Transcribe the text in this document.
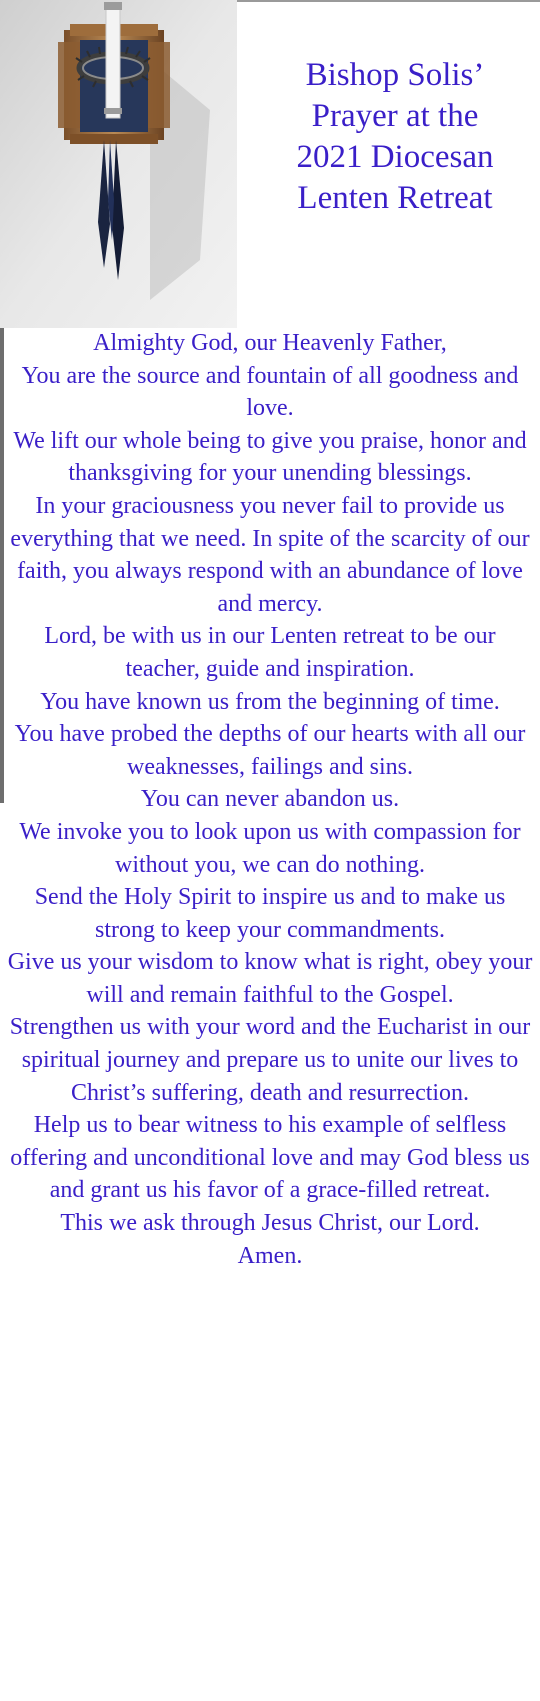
Bishop Solis’
Prayer at the
2021 Diocesan
Lenten Retreat

Almighty God, our Heavenly Father,

You are the source and fountain of all goodness and love.

We lift our whole being to give you praise, honor and thanksgiving for your unending blessings.

In your graciousness you never fail to provide us everything that we need. In spite of the scarcity of our faith, you always respond with an abundance of love and mercy.

Lord, be with us in our Lenten retreat to be our teacher, guide and inspiration.

You have known us from the beginning of time.

You have probed the depths of our hearts with all our weaknesses, failings and sins.

You can never abandon us.

We invoke you to look upon us with compassion for without you, we can do nothing.

Send the Holy Spirit to inspire us and to make us strong to keep your commandments.

Give us your wisdom to know what is right, obey your will and remain faithful to the Gospel.

Strengthen us with your word and the Eucharist in our spiritual journey and prepare us to unite our lives to Christ’s suffering, death and resurrection.

Help us to bear witness to his example of selfless offering and unconditional love and may God bless us and grant us his favor of a grace-filled retreat.

This we ask through Jesus Christ, our Lord.

Amen.
